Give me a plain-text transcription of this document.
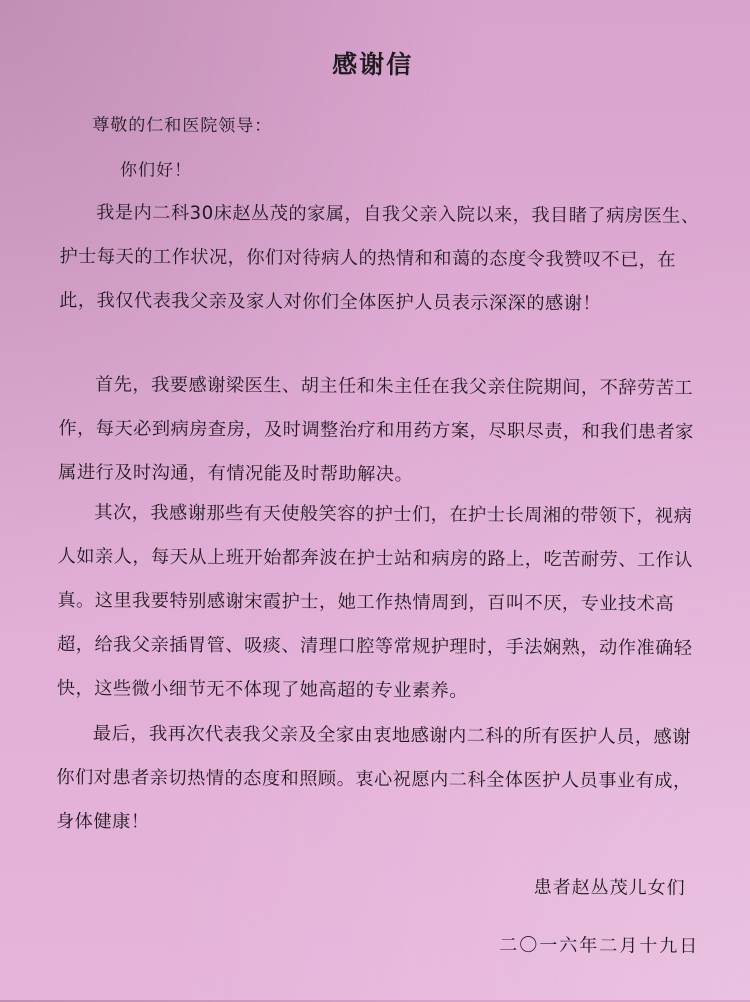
感谢信
尊敬的仁和医院领导：
你们好！

我是内二科30床赵丛茂的家属，自我父亲入院以来，我目睹了病房医生、护士每天的工作状况，你们对待病人的热情和和蔼的态度令我赞叹不已，在此，我仅代表我父亲及家人对你们全体医护人员表示深深的感谢！

首先，我要感谢梁医生、胡主任和朱主任在我父亲住院期间，不辞劳苦工作，每天必到病房查房，及时调整治疗和用药方案，尽职尽责，和我们患者家属进行及时沟通，有情况能及时帮助解决。

其次，我感谢那些有天使般笑容的护士们，在护士长周湘的带领下，视病人如亲人，每天从上班开始都奔波在护士站和病房的路上，吃苦耐劳、工作认真。这里我要特别感谢宋霞护士，她工作热情周到，百叫不厌，专业技术高超，给我父亲插胃管、吸痰、清理口腔等常规护理时，手法娴熟，动作准确轻快，这些微小细节无不体现了她高超的专业素养。

最后，我再次代表我父亲及全家由衷地感谢内二科的所有医护人员，感谢你们对患者亲切热情的态度和照顾。衷心祝愿内二科全体医护人员事业有成，身体健康！

患者赵丛茂儿女们
二〇一六年二月十九日
